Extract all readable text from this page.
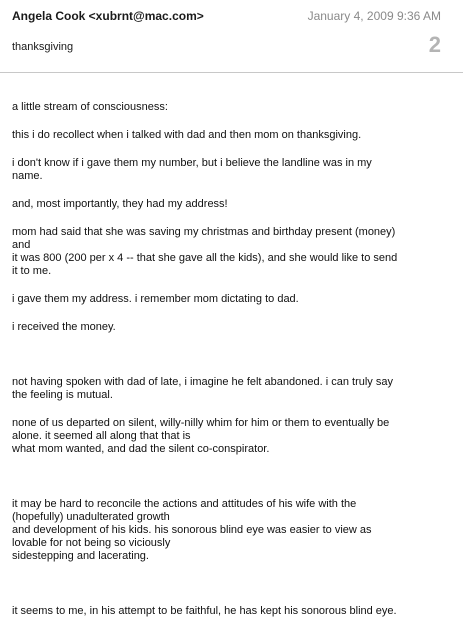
Angela Cook <xubrnt@mac.com>	January 4, 2009 9:36 AM
thanksgiving	2

a little stream of consciousness:

this i do recollect when i talked with dad and then mom on thanksgiving.

i don't know if i gave them my number, but i believe the landline was in my
name.

and, most importantly, they had my address!

mom had said that she was saving my christmas and birthday present (money)
and
it was 800 (200 per x 4 -- that she gave all the kids), and she would like to send
it to me.

i gave them my address. i remember mom dictating to dad.

i received the money.

not having spoken with dad of late, i imagine he felt abandoned. i can truly say
the feeling is mutual.

none of us departed on silent, willy-nilly whim for him or them to eventually be
alone. it seemed all along that that is
what mom wanted, and dad the silent co-conspirator.

it may be hard to reconcile the actions and attitudes of his wife with the
(hopefully) unadulterated growth
and development of his kids. his sonorous blind eye was easier to view as
lovable for not being so viciously
sidestepping and lacerating.

it seems to me, in his attempt to be faithful, he has kept his sonorous blind eye.
